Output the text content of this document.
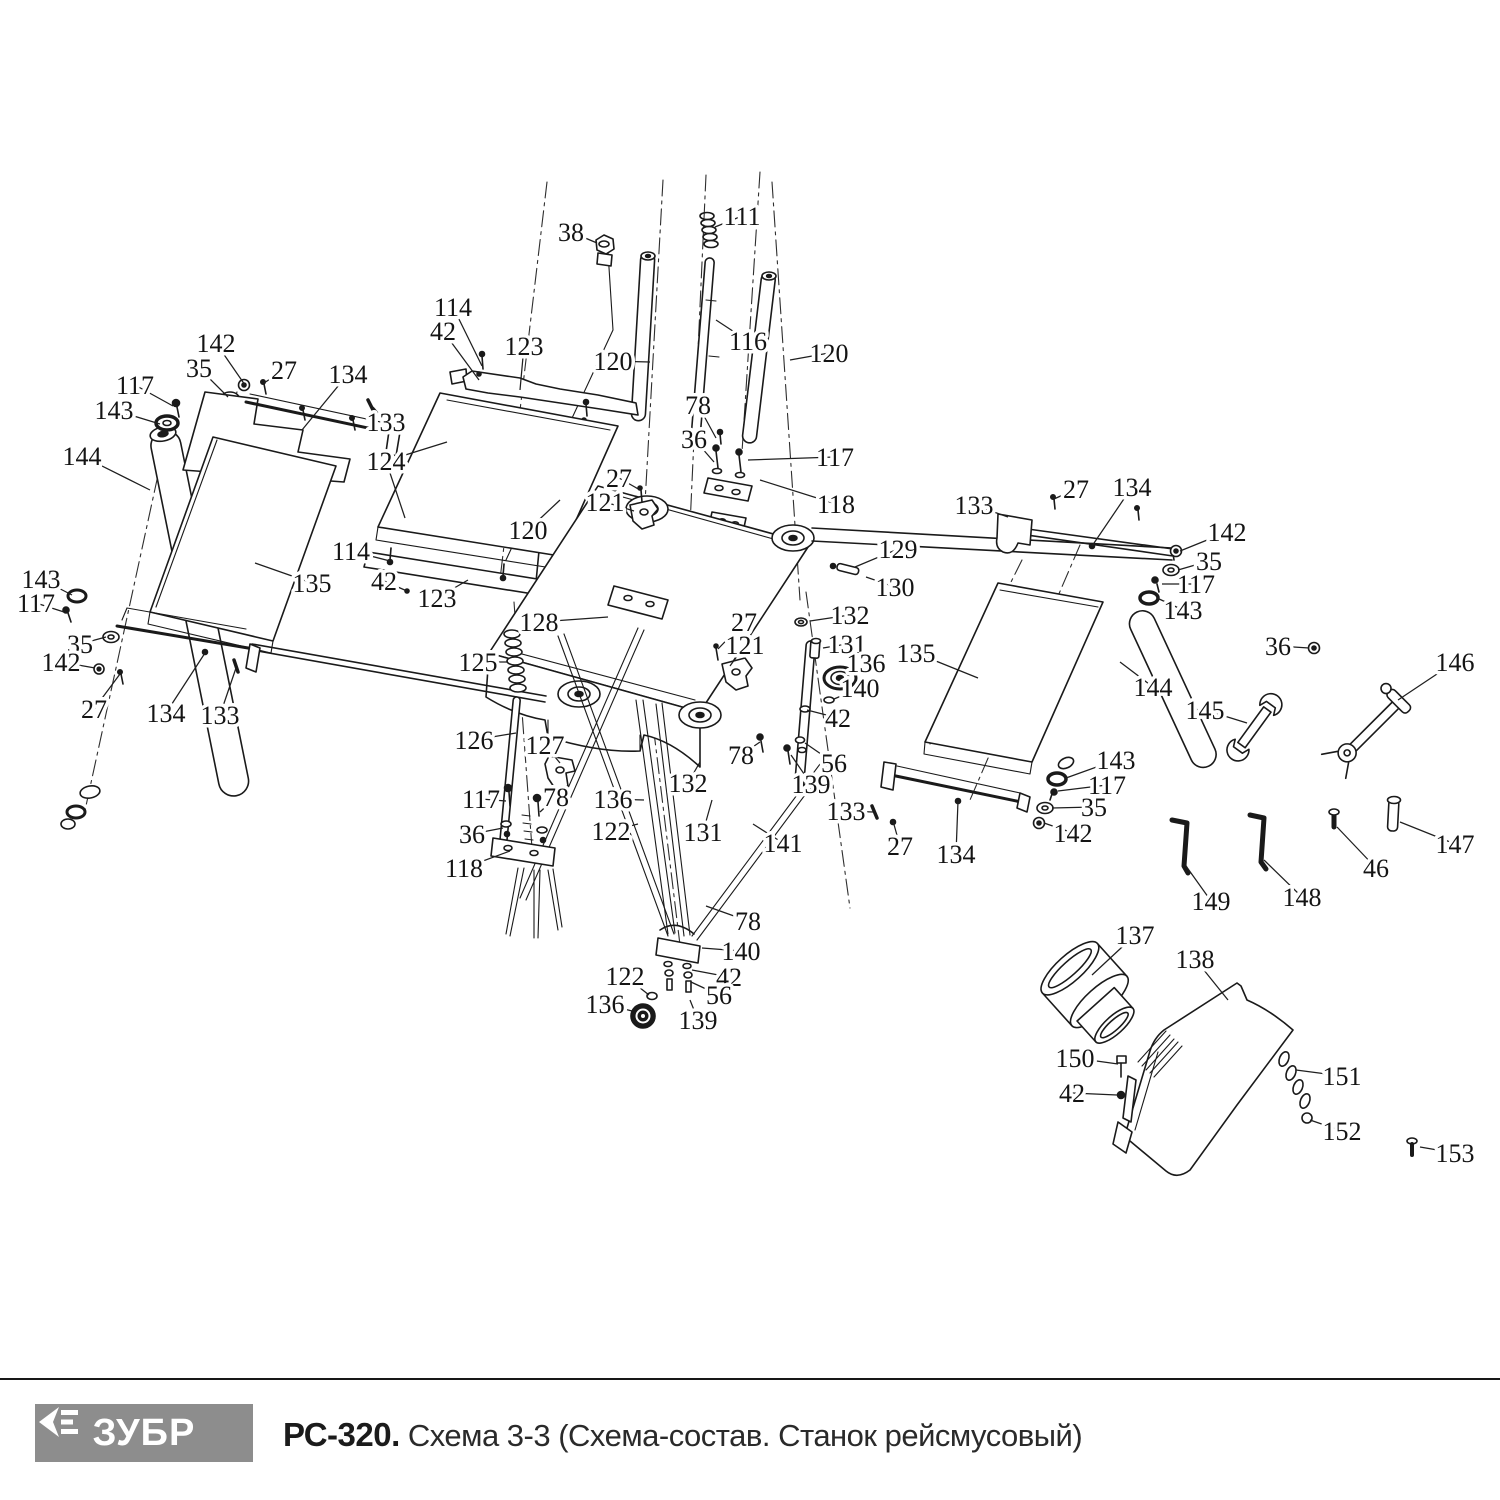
38
111
114
42
123
120
116 120
142
35 27
117	134
143	133
144	124
135
143
117
35
142
27 134 133
114
42
123
120
27
121
128
125
126 127
117 78
36
118
136
122 131
132
141
78
36
117
118
129
130
132
27
121 131
136
140
42
78	56
139
133
27 134
142
35
117
143
135
144
36
146
145
143
117
35
142
133
27 134	147
46
148
149
78
140
122	42
56
136
139
137
138
150
42
151
152
153
ЗУБР	РС-320. Схема 3-3 (Схема-состав. Станок рейсмусовый)
